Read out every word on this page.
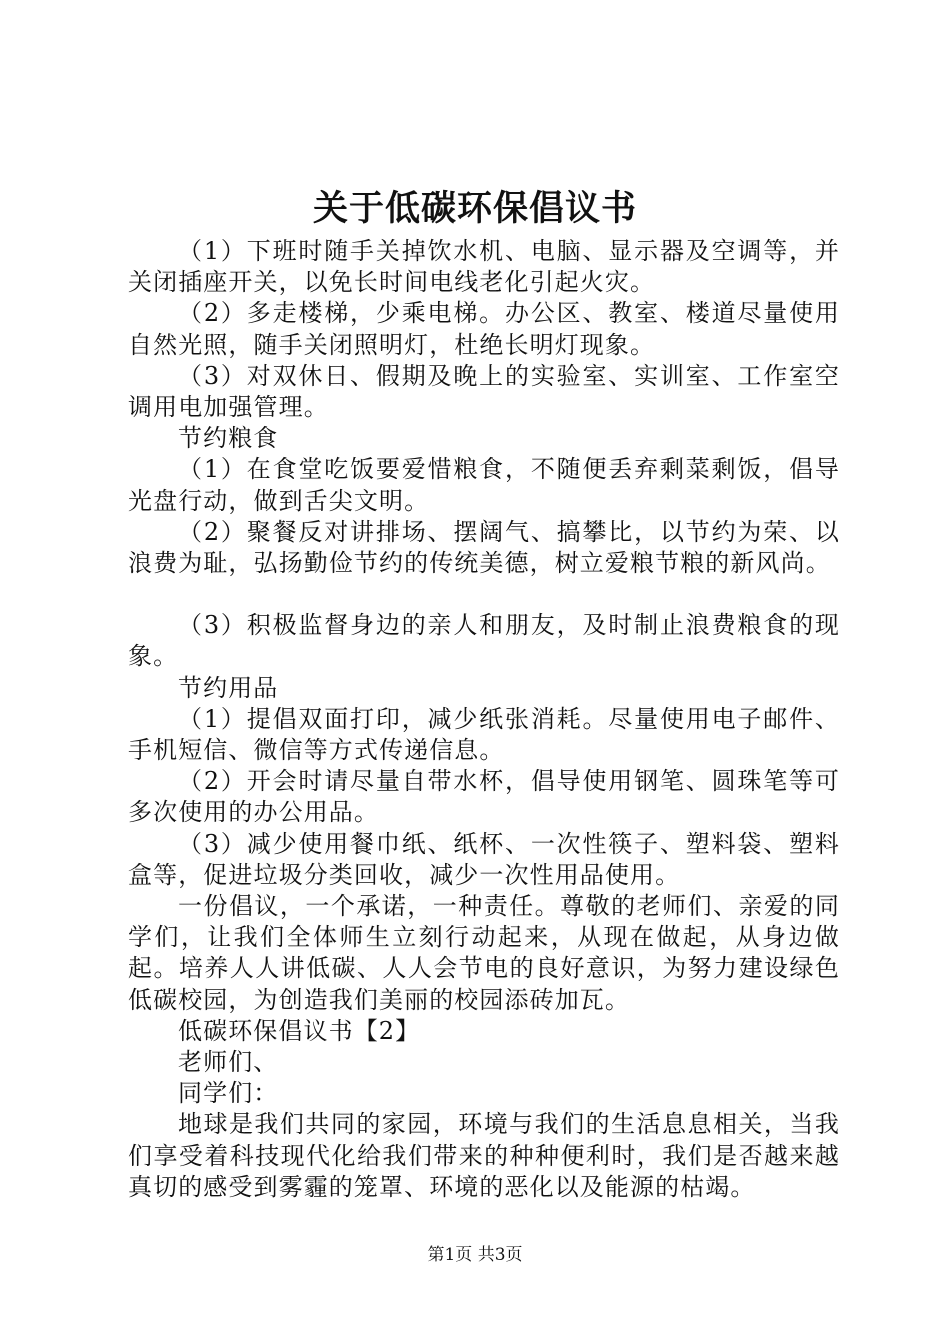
关于低碳环保倡议书

（1）下班时随手关掉饮水机、电脑、显示器及空调等，并关闭插座开关，以免长时间电线老化引起火灾。

（2）多走楼梯，少乘电梯。办公区、教室、楼道尽量使用自然光照，随手关闭照明灯，杜绝长明灯现象。

（3）对双休日、假期及晚上的实验室、实训室、工作室空调用电加强管理。

节约粮食

（1）在食堂吃饭要爱惜粮食，不随便丢弃剩菜剩饭，倡导光盘行动，做到舌尖文明。

（2）聚餐反对讲排场、摆阔气、搞攀比，以节约为荣、以浪费为耻，弘扬勤俭节约的传统美德，树立爱粮节粮的新风尚。

（3）积极监督身边的亲人和朋友，及时制止浪费粮食的现象。

节约用品

（1）提倡双面打印，减少纸张消耗。尽量使用电子邮件、手机短信、微信等方式传递信息。

（2）开会时请尽量自带水杯，倡导使用钢笔、圆珠笔等可多次使用的办公用品。

（3）减少使用餐巾纸、纸杯、一次性筷子、塑料袋、塑料盒等，促进垃圾分类回收，减少一次性用品使用。

一份倡议，一个承诺，一种责任。尊敬的老师们、亲爱的同学们，让我们全体师生立刻行动起来，从现在做起，从身边做起。培养人人讲低碳、人人会节电的良好意识，为努力建设绿色低碳校园，为创造我们美丽的校园添砖加瓦。

低碳环保倡议书【2】

老师们、

同学们：

地球是我们共同的家园，环境与我们的生活息息相关，当我们享受着科技现代化给我们带来的种种便利时，我们是否越来越真切的感受到雾霾的笼罩、环境的恶化以及能源的枯竭。

第1页 共3页
